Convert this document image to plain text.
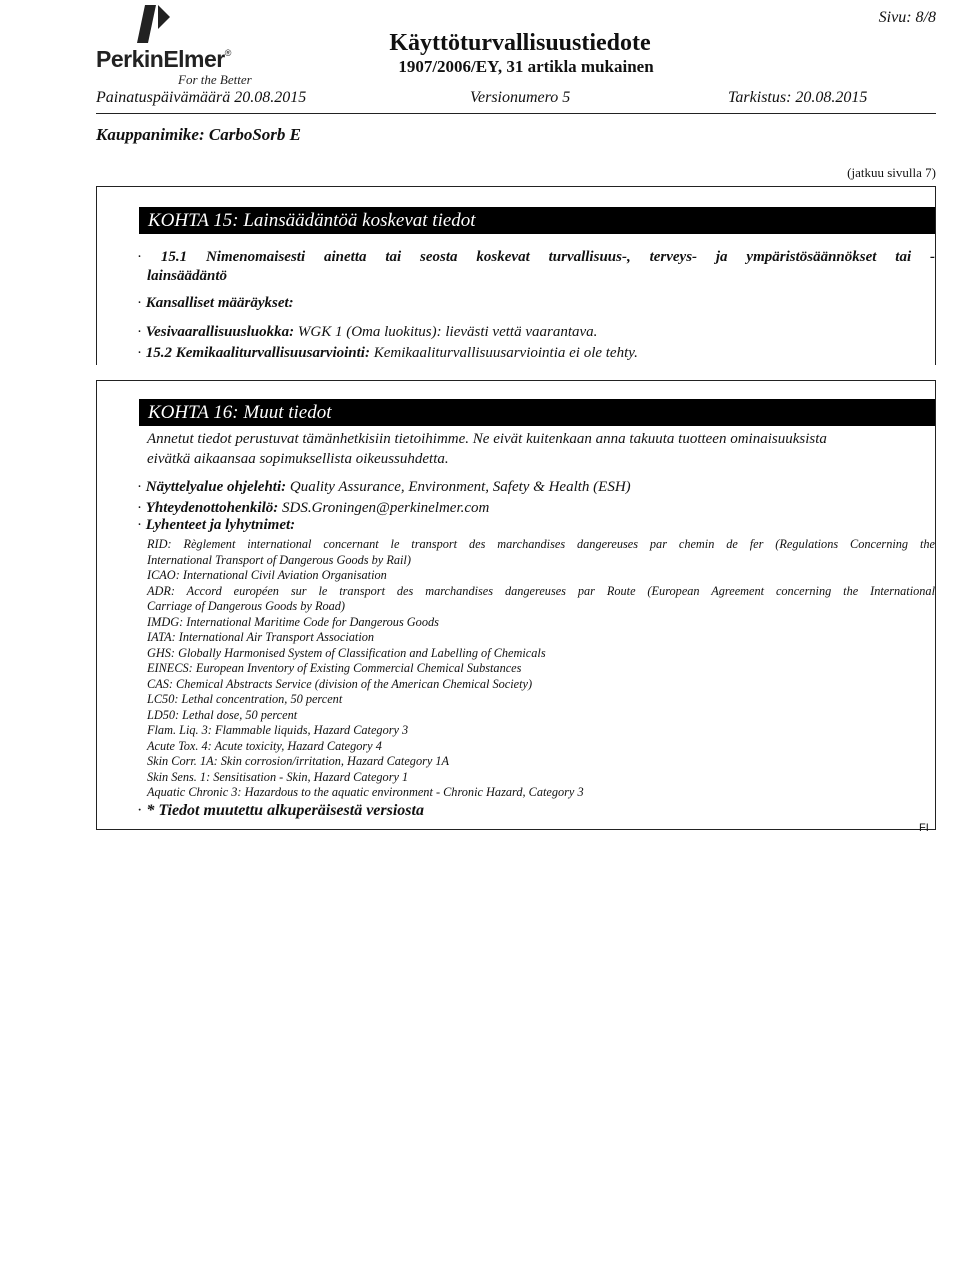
PerkinElmer®
For the Better
Käyttöturvallisuustiedote
1907/2006/EY, 31 artikla mukainen
Sivu: 8/8
Painatuspäivämäärä 20.08.2015	Versionumero 5	Tarkistus: 20.08.2015
Kauppanimike: CarboSorb E
(jatkuu sivulla 7)
KOHTA 15: Lainsäädäntöä koskevat tiedot
· 15.1 Nimenomaisesti ainetta tai seosta koskevat turvallisuus-, terveys- ja ympäristösäännökset tai -
lainsäädäntö
· Kansalliset määräykset:
· Vesivaarallisuusluokka: WGK 1 (Oma luokitus): lievästi vettä vaarantava.
· 15.2 Kemikaaliturvallisuusarviointi: Kemikaaliturvallisuusarviointia ei ole tehty.
KOHTA 16: Muut tiedot
Annetut tiedot perustuvat tämänhetkisiin tietoihimme. Ne eivät kuitenkaan anna takuuta tuotteen ominaisuuksista
eivätkä aikaansaa sopimuksellista oikeussuhdetta.
· Näyttelyalue ohjelehti: Quality Assurance, Environment, Safety & Health (ESH)
· Yhteydenottohenkilö: SDS.Groningen@perkinelmer.com
· Lyhenteet ja lyhytnimet:
RID: Règlement international concernant le transport des marchandises dangereuses par chemin de fer (Regulations Concerning the
International Transport of Dangerous Goods by Rail)
ICAO: International Civil Aviation Organisation
ADR: Accord européen sur le transport des marchandises dangereuses par Route (European Agreement concerning the International
Carriage of Dangerous Goods by Road)
IMDG: International Maritime Code for Dangerous Goods
IATA: International Air Transport Association
GHS: Globally Harmonised System of Classification and Labelling of Chemicals
EINECS: European Inventory of Existing Commercial Chemical Substances
CAS: Chemical Abstracts Service (division of the American Chemical Society)
LC50: Lethal concentration, 50 percent
LD50: Lethal dose, 50 percent
Flam. Liq. 3: Flammable liquids, Hazard Category 3
Acute Tox. 4: Acute toxicity, Hazard Category 4
Skin Corr. 1A: Skin corrosion/irritation, Hazard Category 1A
Skin Sens. 1: Sensitisation - Skin, Hazard Category 1
Aquatic Chronic 3: Hazardous to the aquatic environment - Chronic Hazard, Category 3
· * Tiedot muutettu alkuperäisestä versiosta
FI
